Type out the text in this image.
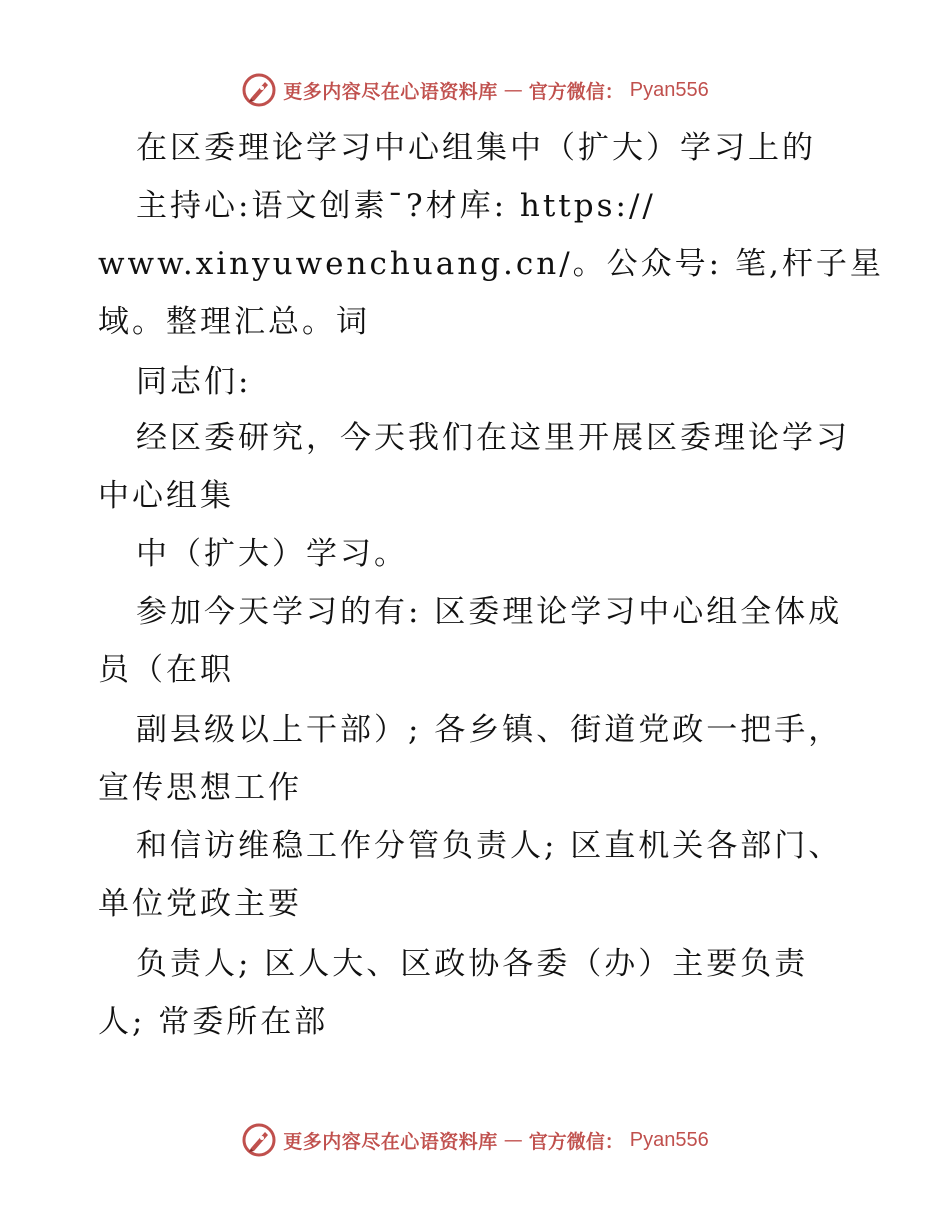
更多内容尽在心语资料库 — 官方微信： Pyan556
在区委理论学习中心组集中（扩大）学习上的
主持心:语文创素¯?材库: https://
www.xinyuwenchuang.cn/。公众号: 笔,杆子星
域。整理汇总。词
同志们:
经区委研究，今天我们在这里开展区委理论学习
中心组集
中（扩大）学习。
参加今天学习的有: 区委理论学习中心组全体成
员（在职
副县级以上干部）; 各乡镇、街道党政一把手，
宣传思想工作
和信访维稳工作分管负责人; 区直机关各部门、
单位党政主要
负责人; 区人大、区政协各委（办）主要负责
人; 常委所在部
更多内容尽在心语资料库 — 官方微信： Pyan556
